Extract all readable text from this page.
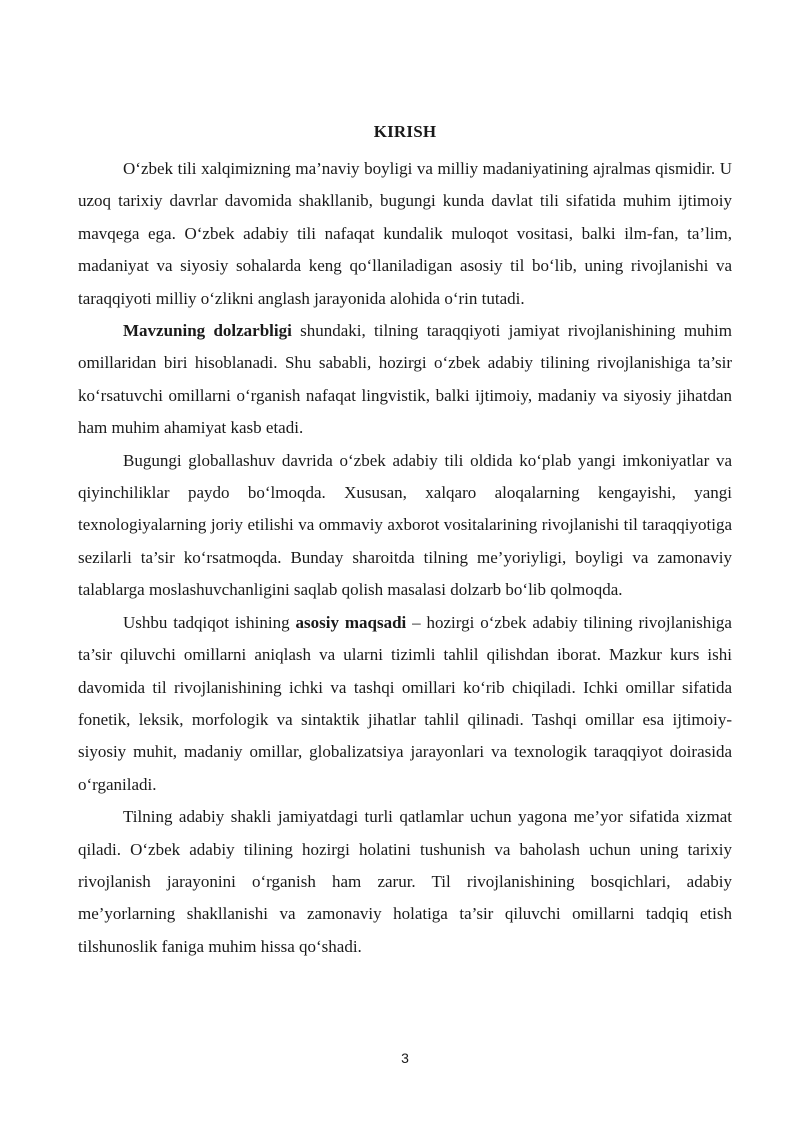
KIRISH

O‘zbek tili xalqimizning ma’naviy boyligi va milliy madaniyatining ajralmas qismidir. U uzoq tarixiy davrlar davomida shakllanib, bugungi kunda davlat tili sifatida muhim ijtimoiy mavqega ega. O‘zbek adabiy tili nafaqat kundalik muloqot vositasi, balki ilm-fan, ta’lim, madaniyat va siyosiy sohalarda keng qo‘llaniladigan asosiy til bo‘lib, uning rivojlanishi va taraqqiyoti milliy o‘zlikni anglash jarayonida alohida o‘rin tutadi.

Mavzuning dolzarbligi shundaki, tilning taraqqiyoti jamiyat rivojlanishining muhim omillaridan biri hisoblanadi. Shu sababli, hozirgi o‘zbek adabiy tilining rivojlanishiga ta’sir ko‘rsatuvchi omillarni o‘rganish nafaqat lingvistik, balki ijtimoiy, madaniy va siyosiy jihatdan ham muhim ahamiyat kasb etadi.

Bugungi globallashuv davrida o‘zbek adabiy tili oldida ko‘plab yangi imkoniyatlar va qiyinchiliklar paydo bo‘lmoqda. Xususan, xalqaro aloqalarning kengayishi, yangi texnologiyalarning joriy etilishi va ommaviy axborot vositalarining rivojlanishi til taraqqiyotiga sezilarli ta’sir ko‘rsatmoqda. Bunday sharoitda tilning me’yoriyligi, boyligi va zamonaviy talablarga moslashuvchanligini saqlab qolish masalasi dolzarb bo‘lib qolmoqda.

Ushbu tadqiqot ishining asosiy maqsadi – hozirgi o‘zbek adabiy tilining rivojlanishiga ta’sir qiluvchi omillarni aniqlash va ularni tizimli tahlil qilishdan iborat. Mazkur kurs ishi davomida til rivojlanishining ichki va tashqi omillari ko‘rib chiqiladi. Ichki omillar sifatida fonetik, leksik, morfologik va sintaktik jihatlar tahlil qilinadi. Tashqi omillar esa ijtimoiy-siyosiy muhit, madaniy omillar, globalizatsiya jarayonlari va texnologik taraqqiyot doirasida o‘rganiladi.

Tilning adabiy shakli jamiyatdagi turli qatlamlar uchun yagona me’yor sifatida xizmat qiladi. O‘zbek adabiy tilining hozirgi holatini tushunish va baholash uchun uning tarixiy rivojlanish jarayonini o‘rganish ham zarur. Til rivojlanishining bosqichlari, adabiy me’yorlarning shakllanishi va zamonaviy holatiga ta’sir qiluvchi omillarni tadqiq etish tilshunoslik faniga muhim hissa qo‘shadi.

3
